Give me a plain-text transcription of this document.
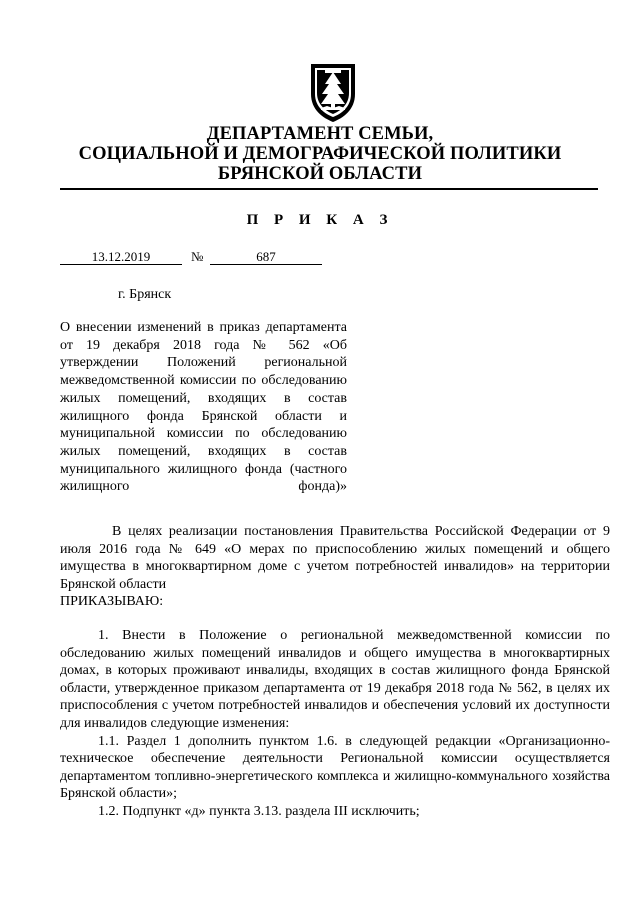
ДЕПАРТАМЕНТ СЕМЬИ,
СОЦИАЛЬНОЙ И ДЕМОГРАФИЧЕСКОЙ ПОЛИТИКИ
БРЯНСКОЙ ОБЛАСТИ
П Р И К А З
13.12.2019	№	687
г. Брянск
О внесении изменений в приказ департамента от 19 декабря 2018 года № 562 «Об утверждении Положений региональной межведомственной комиссии по обследованию жилых помещений, входящих в состав жилищного фонда Брянской области и муниципальной комиссии по обследованию жилых помещений, входящих в состав муниципального жилищного фонда (частного жилищного фонда)»

В целях реализации постановления Правительства Российской Федерации от 9 июля 2016 года № 649 «О мерах по приспособлению жилых помещений и общего имущества в многоквартирном доме с учетом потребностей инвалидов» на территории Брянской области

ПРИКАЗЫВАЮ:

1. Внести в Положение о региональной межведомственной комиссии по обследованию жилых помещений инвалидов и общего имущества в многоквартирных домах, в которых проживают инвалиды, входящих в состав жилищного фонда Брянской области, утвержденное приказом департамента от 19 декабря 2018 года № 562, в целях их приспособления с учетом потребностей инвалидов и обеспечения условий их доступности для инвалидов следующие изменения:

1.1. Раздел 1 дополнить пунктом 1.6. в следующей редакции «Организационно-техническое обеспечение деятельности Региональной комиссии осуществляется департаментом топливно-энергетического комплекса и жилищно-коммунального хозяйства Брянской области»;

1.2. Подпункт «д» пункта 3.13. раздела III исключить;
